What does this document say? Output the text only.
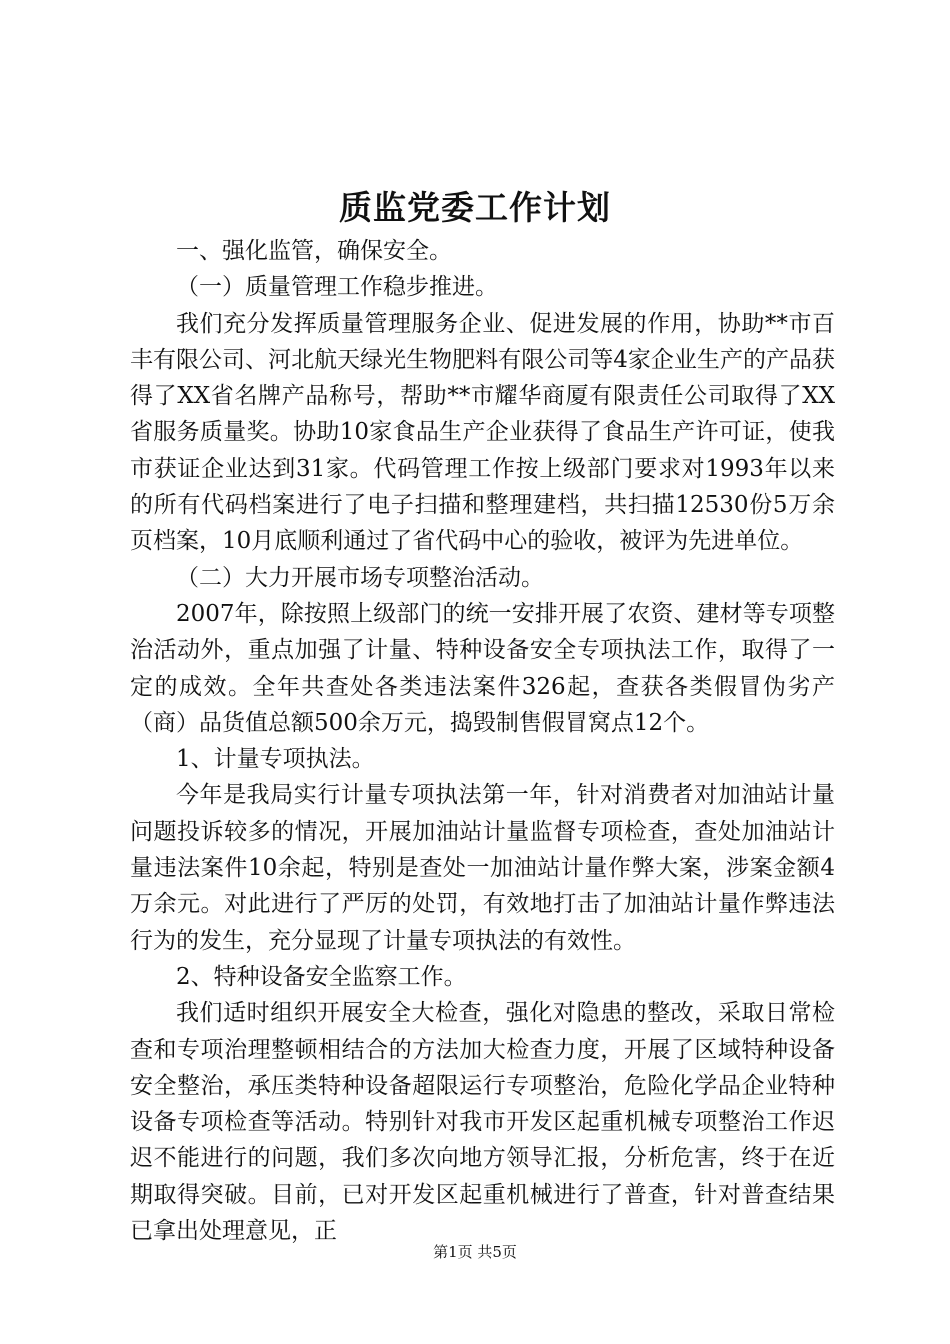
质监党委工作计划

一、强化监管，确保安全。

（一）质量管理工作稳步推进。

我们充分发挥质量管理服务企业、促进发展的作用，协助**市百丰有限公司、河北航天绿光生物肥料有限公司等4家企业生产的产品获得了XX省名牌产品称号，帮助**市耀华商厦有限责任公司取得了XX省服务质量奖。协助10家食品生产企业获得了食品生产许可证，使我市获证企业达到31家。代码管理工作按上级部门要求对1993年以来的所有代码档案进行了电子扫描和整理建档，共扫描12530份5万余页档案，10月底顺利通过了省代码中心的验收，被评为先进单位。

（二）大力开展市场专项整治活动。

2007年，除按照上级部门的统一安排开展了农资、建材等专项整治活动外，重点加强了计量、特种设备安全专项执法工作，取得了一定的成效。全年共查处各类违法案件326起，查获各类假冒伪劣产（商）品货值总额500余万元，捣毁制售假冒窝点12个。

1、计量专项执法。

今年是我局实行计量专项执法第一年，针对消费者对加油站计量问题投诉较多的情况，开展加油站计量监督专项检查，查处加油站计量违法案件10余起，特别是查处一加油站计量作弊大案，涉案金额4万余元。对此进行了严厉的处罚，有效地打击了加油站计量作弊违法行为的发生，充分显现了计量专项执法的有效性。

2、特种设备安全监察工作。

我们适时组织开展安全大检查，强化对隐患的整改，采取日常检查和专项治理整顿相结合的方法加大检查力度，开展了区域特种设备安全整治，承压类特种设备超限运行专项整治，危险化学品企业特种设备专项检查等活动。特别针对我市开发区起重机械专项整治工作迟迟不能进行的问题，我们多次向地方领导汇报，分析危害，终于在近期取得突破。目前，已对开发区起重机械进行了普查，针对普查结果已拿出处理意见，正

第1页 共5页
